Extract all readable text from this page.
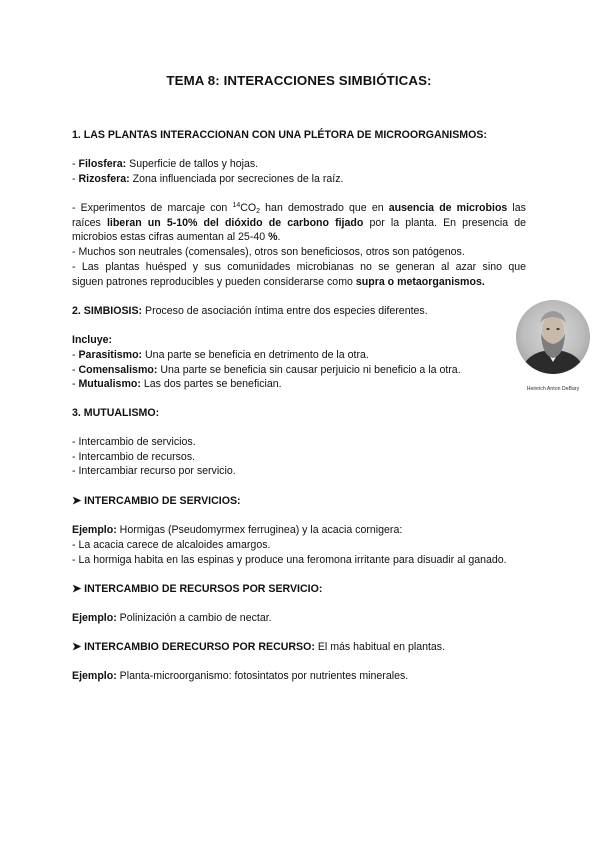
TEMA 8: INTERACCIONES SIMBIÓTICAS:
1. LAS PLANTAS INTERACCIONAN CON UNA PLÉTORA DE MICROORGANISMOS:
- Filosfera: Superficie de tallos y hojas.
- Rizosfera: Zona influenciada por secreciones de la raíz.

- Experimentos de marcaje con $^{14}CO_2$ han demostrado que en ausencia de microbios las

raíces liberan un 5-10% del dióxido de carbono fijado por la planta. En presencia de

microbios estas cifras aumentan al 25-40 %.

- Muchos son neutrales (comensales), otros son beneficiosos, otros son patógenos.

- Las plantas huésped y sus comunidades microbianas no se generan al azar sino que

siguen patrones reproducibles y pueden considerarse como supra o metaorganismos.

2. SIMBIOSIS: Proceso de asociación íntima entre dos especies diferentes.
Incluye:
- Parasitismo: Una parte se beneficia en detrimento de la otra.
- Comensalismo: Una parte se beneficia sin causar perjuicio ni beneficio a la otra.
- Mutualismo: Las dos partes se benefician.
3. MUTUALISMO:
- Intercambio de servicios.
- Intercambio de recursos.
- Intercambiar recurso por servicio.
➤ INTERCAMBIO DE SERVICIOS:
Ejemplo: Hormigas (Pseudomyrmex ferruginea) y la acacia cornigera:
- La acacia carece de alcaloides amargos.
- La hormiga habita en las espinas y produce una feromona irritante para disuadir al ganado.
➤ INTERCAMBIO DE RECURSOS POR SERVICIO:
Ejemplo: Polinización a cambio de nectar.
➤ INTERCAMBIO DERECURSO POR RECURSO: El más habitual en plantas.
Ejemplo: Planta-microorganismo: fotosintatos por nutrientes minerales.
Heinrich Anton DeBary
